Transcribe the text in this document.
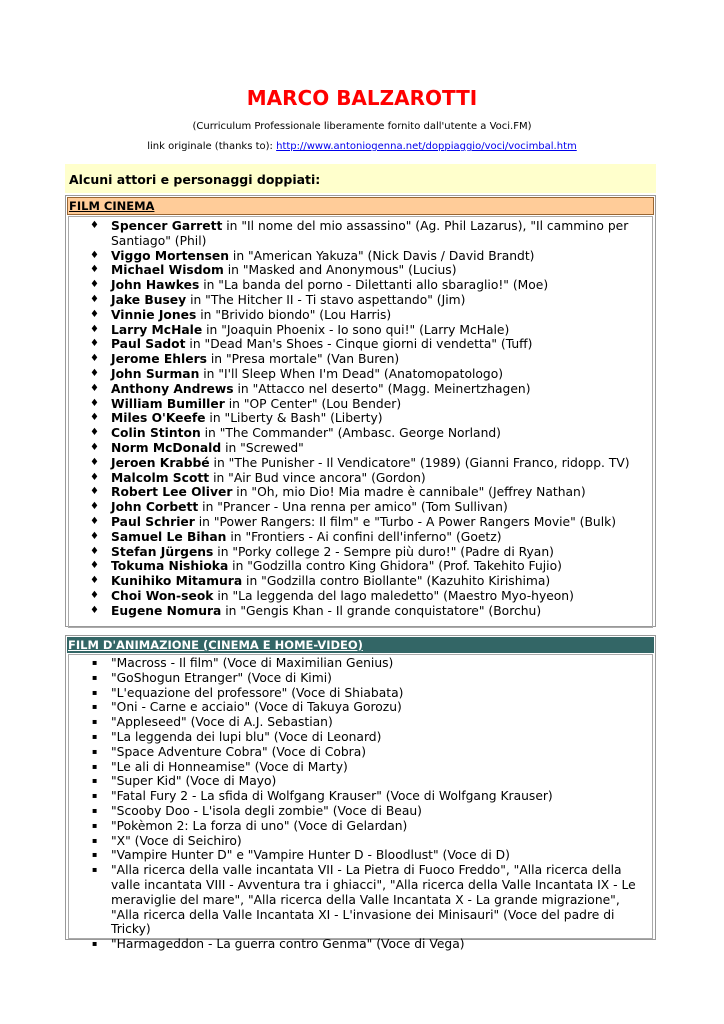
MARCO BALZAROTTI
(Curriculum Professionale liberamente fornito dall'utente a Voci.FM)
link originale (thanks to): http://www.antoniogenna.net/doppiaggio/voci/vocimbal.htm
Alcuni attori e personaggi doppiati:
FILM CINEMA
♦ Spencer Garrett in "Il nome del mio assassino" (Ag. Phil Lazarus), "Il cammino per Santiago" (Phil)
♦ Viggo Mortensen in "American Yakuza" (Nick Davis / David Brandt)
♦ Michael Wisdom in "Masked and Anonymous" (Lucius)
♦ John Hawkes in "La banda del porno - Dilettanti allo sbaraglio!" (Moe)
♦ Jake Busey in "The Hitcher II - Ti stavo aspettando" (Jim)
♦ Vinnie Jones in "Brivido biondo" (Lou Harris)
♦ Larry McHale in "Joaquin Phoenix - Io sono qui!" (Larry McHale)
♦ Paul Sadot in "Dead Man's Shoes - Cinque giorni di vendetta" (Tuff)
♦ Jerome Ehlers in "Presa mortale" (Van Buren)
♦ John Surman in "I'll Sleep When I'm Dead" (Anatomopatologo)
♦ Anthony Andrews in "Attacco nel deserto" (Magg. Meinertzhagen)
♦ William Bumiller in "OP Center" (Lou Bender)
♦ Miles O'Keefe in "Liberty & Bash" (Liberty)
♦ Colin Stinton in "The Commander" (Ambasc. George Norland)
♦ Norm McDonald in "Screwed"
♦ Jeroen Krabbé in "The Punisher - Il Vendicatore" (1989) (Gianni Franco, ridopp. TV)
♦ Malcolm Scott in "Air Bud vince ancora" (Gordon)
♦ Robert Lee Oliver in "Oh, mio Dio! Mia madre è cannibale" (Jeffrey Nathan)
♦ John Corbett in "Prancer - Una renna per amico" (Tom Sullivan)
♦ Paul Schrier in "Power Rangers: Il film" e "Turbo - A Power Rangers Movie" (Bulk)
♦ Samuel Le Bihan in "Frontiers - Ai confini dell'inferno" (Goetz)
♦ Stefan Jürgens in "Porky college 2 - Sempre più duro!" (Padre di Ryan)
♦ Tokuma Nishioka in "Godzilla contro King Ghidora" (Prof. Takehito Fujio)
♦ Kunihiko Mitamura in "Godzilla contro Biollante" (Kazuhito Kirishima)
♦ Choi Won-seok in "La leggenda del lago maledetto" (Maestro Myo-hyeon)
♦ Eugene Nomura in "Gengis Khan - Il grande conquistatore" (Borchu)
FILM D'ANIMAZIONE (CINEMA E HOME-VIDEO)
▪ "Macross - Il film" (Voce di Maximilian Genius)
▪ "GoShogun Etranger" (Voce di Kimi)
▪ "L'equazione del professore" (Voce di Shiabata)
▪ "Oni - Carne e acciaio" (Voce di Takuya Gorozu)
▪ "Appleseed" (Voce di A.J. Sebastian)
▪ "La leggenda dei lupi blu" (Voce di Leonard)
▪ "Space Adventure Cobra" (Voce di Cobra)
▪ "Le ali di Honneamise" (Voce di Marty)
▪ "Super Kid" (Voce di Mayo)
▪ "Fatal Fury 2 - La sfida di Wolfgang Krauser" (Voce di Wolfgang Krauser)
▪ "Scooby Doo - L'isola degli zombie" (Voce di Beau)
▪ "Pokèmon 2: La forza di uno" (Voce di Gelardan)
▪ "X" (Voce di Seichiro)
▪ "Vampire Hunter D" e "Vampire Hunter D - Bloodlust" (Voce di D)
▪ "Alla ricerca della valle incantata VII - La Pietra di Fuoco Freddo", "Alla ricerca della valle incantata VIII - Avventura tra i ghiacci", "Alla ricerca della Valle Incantata IX - Le meraviglie del mare", "Alla ricerca della Valle Incantata X - La grande migrazione", "Alla ricerca della Valle Incantata XI - L'invasione dei Minisauri" (Voce del padre di Tricky)
▪ "Harmageddon - La guerra contro Genma" (Voce di Vega)
